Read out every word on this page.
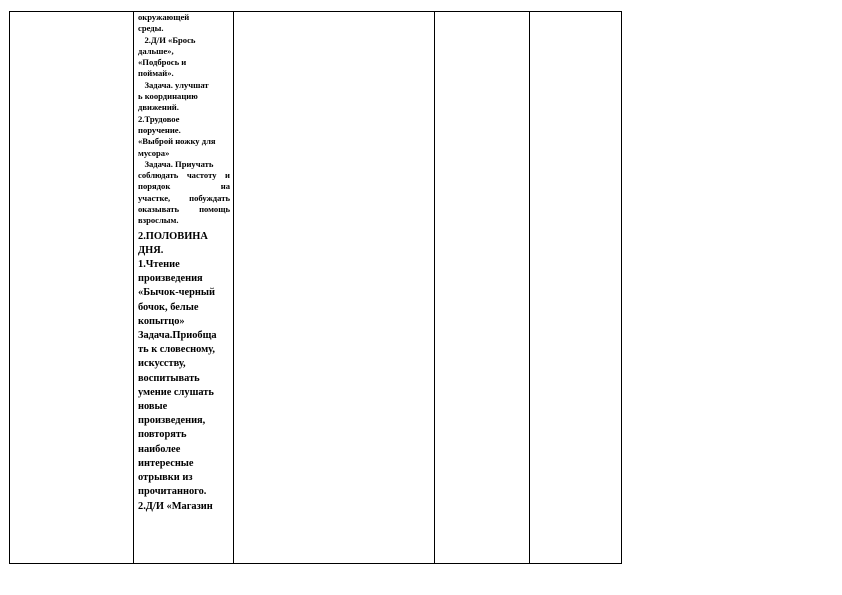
окружающей

среды.

2.Д/И «Брось

дальше»,

«Подбрось и

поймай».

Задача. улучшат

ь координацию

движений.

2.Трудовое

поручение.

«Выброй ножку для

мусора»

Задача. Приучать

соблюдать частоту и

порядок        на

участке, побуждать

оказывать   помощь

взрослым.

2.ПОЛОВИНА

ДНЯ.

1.Чтение

произведения

«Бычок-черный

бочок, белые

копытцо»

Задача.Приобща

ть к словесному,

искусству,

воспитывать

умение слушать

новые

произведения,

повторять

наиболее

интересные

отрывки из

прочитанного.

2.Д/И «Магазин
